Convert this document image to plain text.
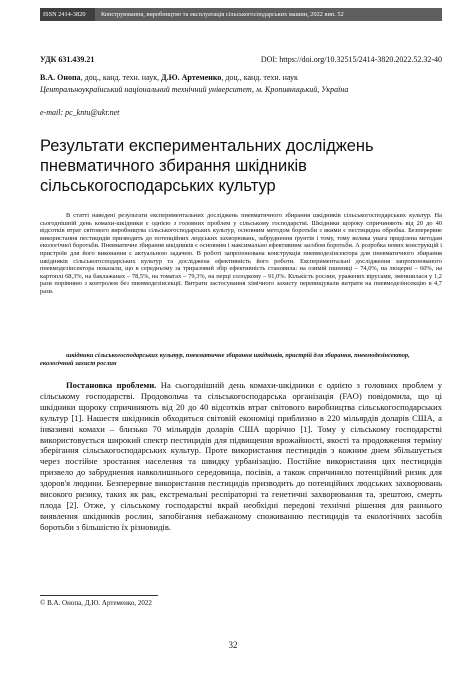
ISSN 2414-3820	Конструювання, виробництво та експлуатація сільськогосподарських машин, 2022 вип. 52
УДК 631.439.21	DOI: https://doi.org/10.32515/2414-3820.2022.52.32-40
В.А. Онопа, доц., канд. техн. наук, Д.Ю. Артеменко, доц., канд. техн. наук
Центральноукраїнський національний технічний університет, м. Кропивницький, Україна
e-mail: pc_kntu@ukr.net
Результати експериментальних досліджень пневматичного збирання шкідників сільськогосподарських культур

В статті наведені результати експериментальних досліджень пневматичного збирання шкідників сільськогосподарських культур. На сьогоднішній день комахи-шкідники є однією з головних проблем у сільському господарстві. Шкідники щороку спричиняють від 20 до 40 відсотків втрат світового виробництва сільськогосподарських культур, основним методом боротьби з якими є пестицидна обробка. Безперервне використання пестицидів призводить до потенційних людських захворювань, забруднення ґрунтів і тому, тому велика увага придiлена методам екологічної боротьби. Пневматичне збирання шкідників є основним і максимально ефективним засобом боротьби. А розробка нових конструкцій і пристроїв для його виконання є актуальною задачею. В роботі запропонована конструкція пневмодезінсектора для пневматичного збирання шкідників сільськогосподарських культур та досліджена ефективність його роботи. Експериментальні дослідження запропонованого пневмодезінсектора показали, що в середньому за триразовий збір ефективність становила: на озимій пшениці – 74,0%, на люцерні – 60%, на картоплі 68,3%, на баклажанах – 78,5%, на томатах – 79,3%, на перці солодкому – 91,0%. Кількість рослин, уражених вірусами, зменшилася у 1,2 рази порівняно з контролем без пневмодезінсекції. Витрати застосування хімічного захисту перевищували витрати на пневмодезінсекцію в 4,7 рази.

шкідники сільськогосподарських культур, пневматичне збирання шкідників, пристрій для збирання, пневмодезінсектор, екологічний захист рослин

Постановка проблеми. На сьогоднішній день комахи-шкідники є однією з головних проблем у сільському господарстві. Продовольча та сільськогосподарська організація (FAO) повідомила, що ці шкідники щороку спричиняють від 20 до 40 відсотків втрат світового виробництва сільськогосподарських культур [1]. Нашестя шкідників обходиться світовій економіці приблизно в 220 мільярдів доларів США, а інвазивні комахи – близько 70 мільярдів доларів США щорічно [1]. Тому у сільському господарстві використовується широкий спектр пестицидів для підвищення врожайності, якості та продовження терміну зберігання сільськогосподарських культур. Проте використання пестицидів з кожним днем збільшується через постійне зростання населення та швидку урбанізацію. Постійне використання цих пестицидів призвело до забруднення навколишнього середовища, посівів, а також спричинило потенційний ризик для здоров'я людини. Безперервне використання пестицидів призводить до потенційних людських захворювань високого ризику, таких як рак, екстремальні респіраторні та генетичні захворювання та, зрештою, смерть плода [2]. Отже, у сільському господарстві вкрай необхідні передові технічні рішення для раннього виявлення шкідників рослин, запобігання небажаному споживанню пестицидів та екологічних засобів боротьби з більшістю їх різновидів.

© В.А. Онопа, Д.Ю. Артеменко, 2022
32
